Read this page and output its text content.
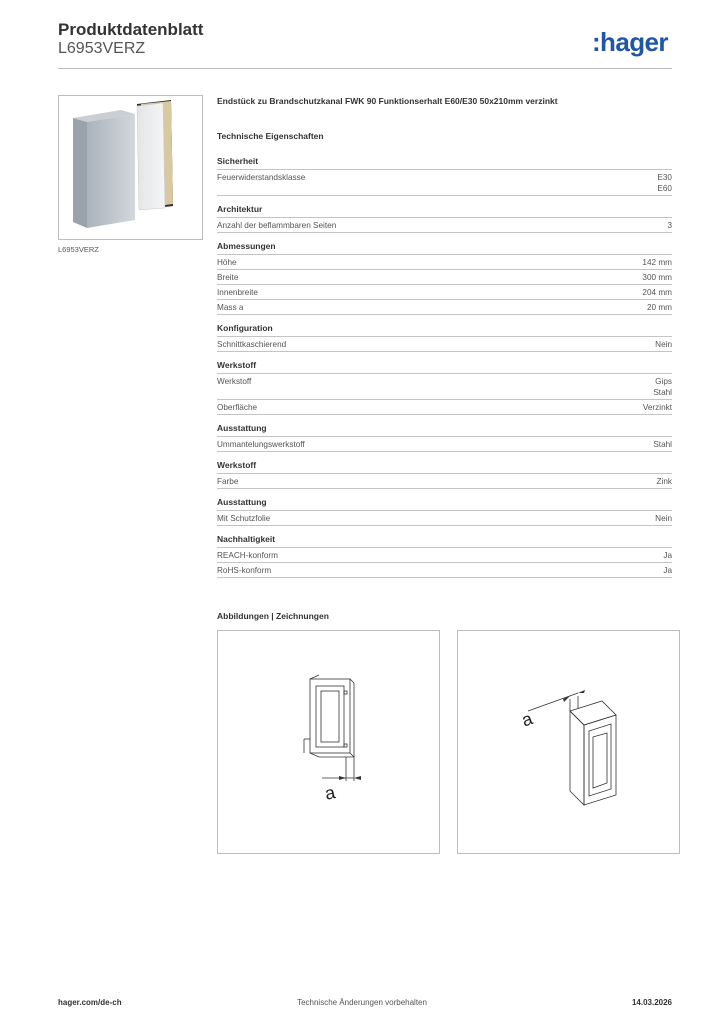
Produktdatenblatt
L6953VERZ	:hager
L6953VERZ
Endstück zu Brandschutzkanal FWK 90 Funktionserhalt E60/E30 50x210mm verzinkt
Technische Eigenschaften
Sicherheit
Feuerwiderstandsklasse	E30
E60
Architektur
Anzahl der beflammbaren Seiten	3
Abmessungen
Höhe	142 mm
Breite	300 mm
Innenbreite	204 mm
Mass a	20 mm
Konfiguration
Schnittkaschierend	Nein
Werkstoff
Werkstoff	Gips
Stahl
Oberfläche	Verzinkt
Ausstattung
Ummantelungswerkstoff	Stahl
Werkstoff
Farbe	Zink
Ausstattung
Mit Schutzfolie	Nein
Nachhaltigkeit
REACH-konform	Ja
RoHS-konform	Ja
Abbildungen | Zeichnungen
a
a
hager.com/de-ch	Technische Änderungen vorbehalten	14.03.2026
